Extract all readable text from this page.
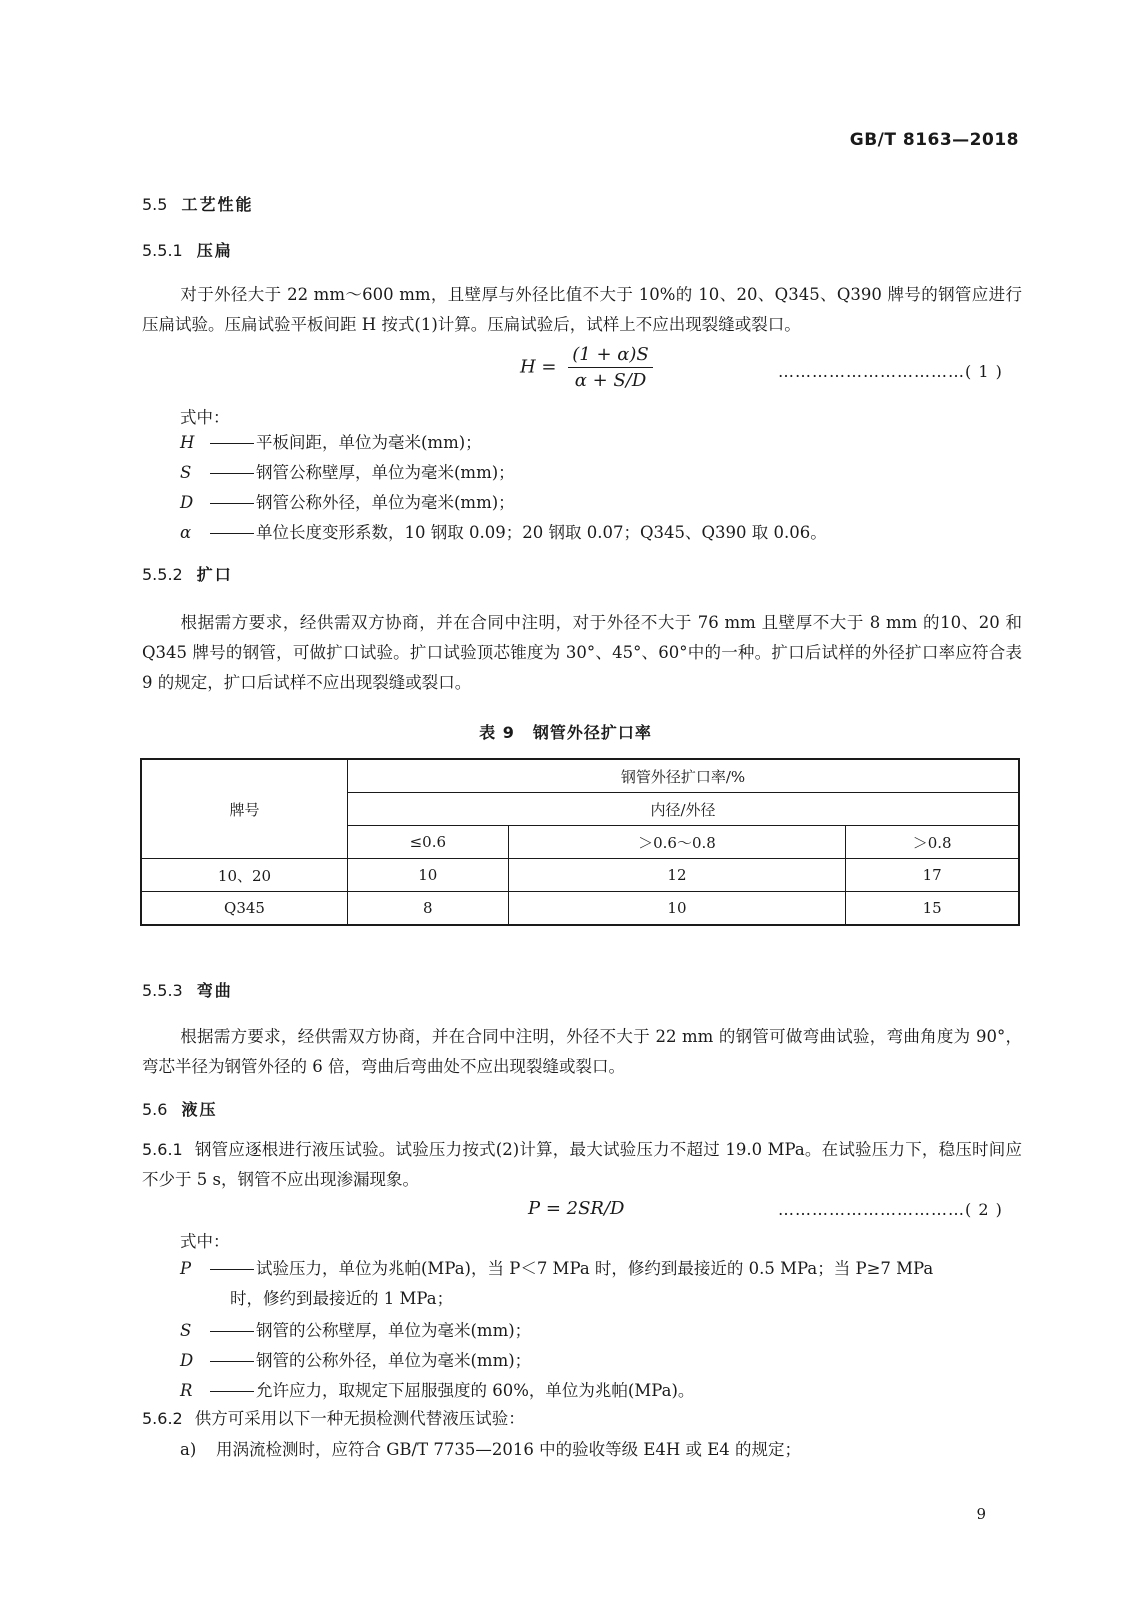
GB/T 8163—2018
5.5 工艺性能
5.5.1 压扁
对于外径大于 22 mm～600 mm，且壁厚与外径比值不大于 10%的 10、20、Q345、Q390 牌号的钢管应进行压扁试验。压扁试验平板间距 H 按式(1)计算。压扁试验后，试样上不应出现裂缝或裂口。
$H = \frac{(1 + \alpha)S}{\alpha + S/D}$	……………………………( 1 )
式中：
H	平板间距，单位为毫米(mm)；
S	钢管公称壁厚，单位为毫米(mm)；
D	钢管公称外径，单位为毫米(mm)；
α	单位长度变形系数，10 钢取 0.09；20 钢取 0.07；Q345、Q390 取 0.06。
5.5.2 扩口
根据需方要求，经供需双方协商，并在合同中注明，对于外径不大于 76 mm 且壁厚不大于 8 mm 的10、20 和 Q345 牌号的钢管，可做扩口试验。扩口试验顶芯锥度为 30°、45°、60°中的一种。扩口后试样的外径扩口率应符合表 9 的规定，扩口后试样不应出现裂缝或裂口。
表 9 钢管外径扩口率
牌号	钢管外径扩口率/%		
	内径/外径		
	≤0.6	＞0.6～0.8	＞0.8
10、20	10	12	17
Q345	8	10	15
5.5.3 弯曲
根据需方要求，经供需双方协商，并在合同中注明，外径不大于 22 mm 的钢管可做弯曲试验，弯曲角度为 90°，弯芯半径为钢管外径的 6 倍，弯曲后弯曲处不应出现裂缝或裂口。
5.6 液压
5.6.1 钢管应逐根进行液压试验。试验压力按式(2)计算，最大试验压力不超过 19.0 MPa。在试验压力下，稳压时间应不少于 5 s，钢管不应出现渗漏现象。
P = 2SR/D	……………………………( 2 )
式中：
P	试验压力，单位为兆帕(MPa)，当 P＜7 MPa 时，修约到最接近的 0.5 MPa；当 P≥7 MPa
时，修约到最接近的 1 MPa；
S	钢管的公称壁厚，单位为毫米(mm)；
D	钢管的公称外径，单位为毫米(mm)；
R	允许应力，取规定下屈服强度的 60%，单位为兆帕(MPa)。
5.6.2 供方可采用以下一种无损检测代替液压试验：
a) 用涡流检测时，应符合 GB/T 7735—2016 中的验收等级 E4H 或 E4 的规定；
9
